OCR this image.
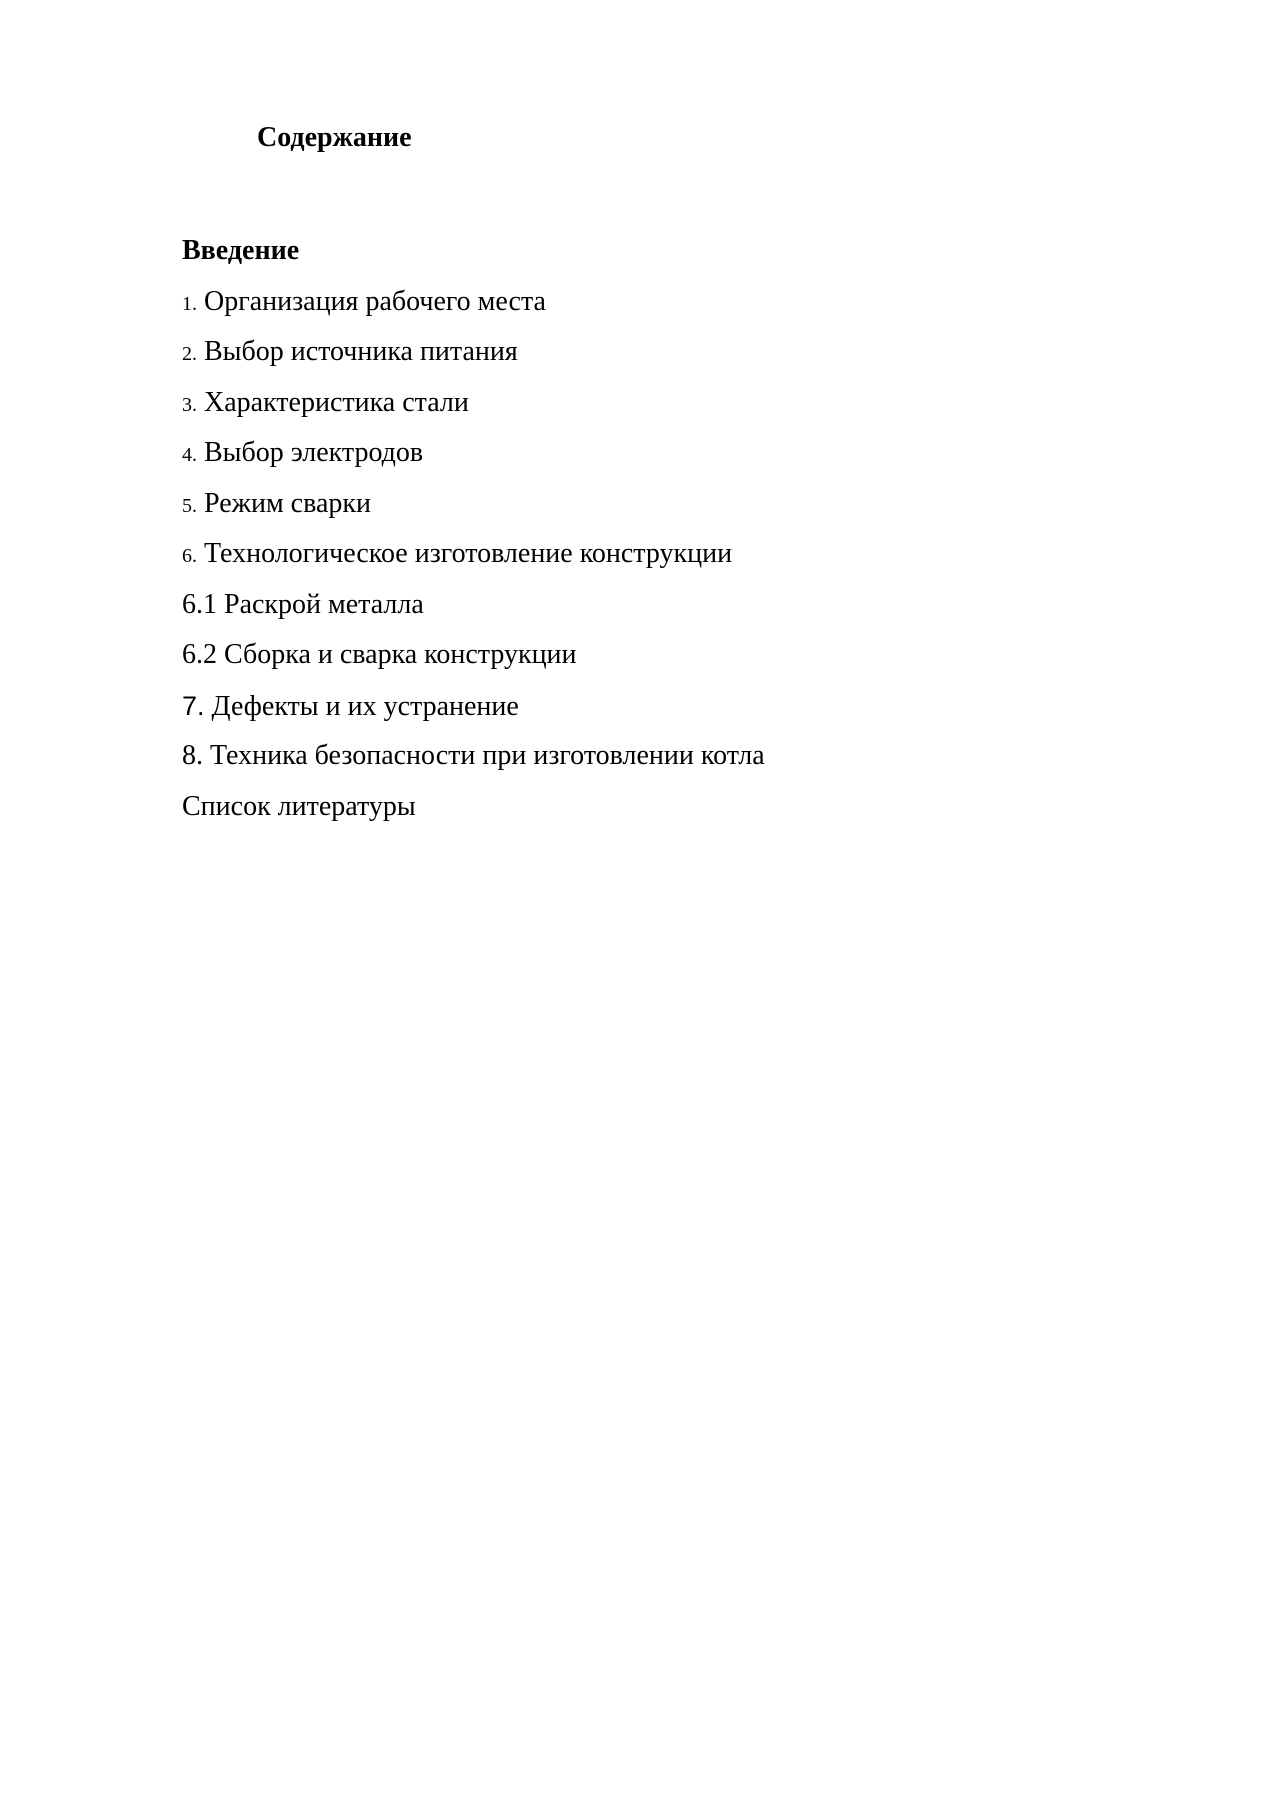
Содержание
Введение
1. Организация рабочего места
2. Выбор источника питания
3. Характеристика стали
4. Выбор электродов
5. Режим сварки
6. Технологическое изготовление конструкции
6.1 Раскрой металла
6.2 Сборка и сварка конструкции
7. Дефекты и их устранение
8. Техника безопасности при изготовлении котла
Список литературы
